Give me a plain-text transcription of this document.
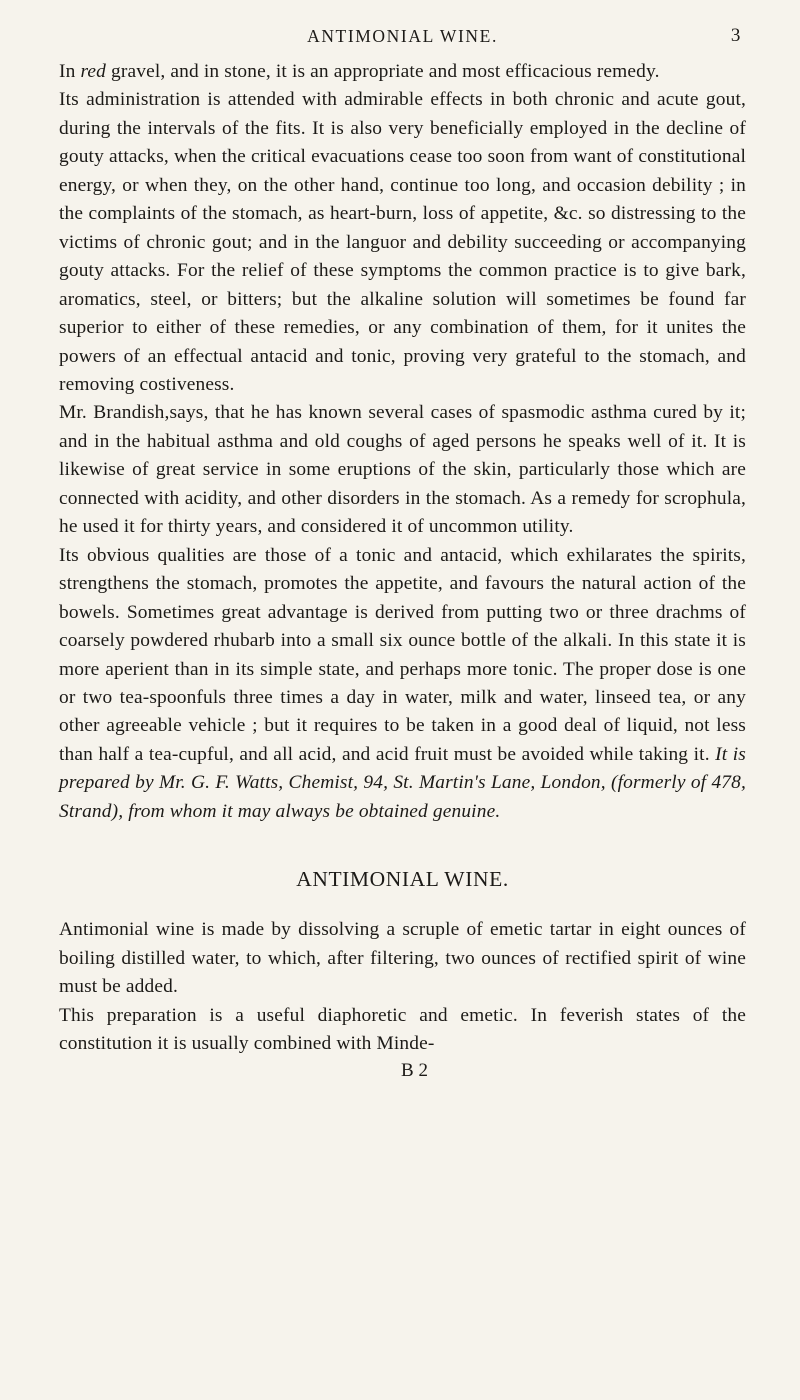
ANTIMONIAL WINE.	3

In red gravel, and in stone, it is an appropriate and most efficacious remedy.

Its administration is attended with admirable effects in both chronic and acute gout, during the intervals of the fits. It is also very beneficially employed in the decline of gouty attacks, when the critical evacuations cease too soon from want of constitutional energy, or when they, on the other hand, continue too long, and occasion debility ; in the complaints of the stomach, as heart-burn, loss of appetite, &c. so distressing to the victims of chronic gout; and in the languor and debility succeeding or accompanying gouty attacks. For the relief of these symptoms the common practice is to give bark, aromatics, steel, or bitters; but the alkaline solution will sometimes be found far superior to either of these remedies, or any combination of them, for it unites the powers of an effectual antacid and tonic, proving very grateful to the stomach, and removing costiveness.

Mr. Brandish,says, that he has known several cases of spasmodic asthma cured by it; and in the habitual asthma and old coughs of aged persons he speaks well of it. It is likewise of great service in some eruptions of the skin, particularly those which are connected with acidity, and other disorders in the stomach. As a remedy for scrophula, he used it for thirty years, and considered it of uncommon utility.

Its obvious qualities are those of a tonic and antacid, which exhilarates the spirits, strengthens the stomach, promotes the appetite, and favours the natural action of the bowels. Sometimes great advantage is derived from putting two or three drachms of coarsely powdered rhubarb into a small six ounce bottle of the alkali. In this state it is more aperient than in its simple state, and perhaps more tonic. The proper dose is one or two tea-spoonfuls three times a day in water, milk and water, linseed tea, or any other agreeable vehicle ; but it requires to be taken in a good deal of liquid, not less than half a tea-cupful, and all acid, and acid fruit must be avoided while taking it. It is prepared by Mr. G. F. Watts, Chemist, 94, St. Martin's Lane, London, (formerly of 478, Strand), from whom it may always be obtained genuine.

ANTIMONIAL WINE.

Antimonial wine is made by dissolving a scruple of emetic tartar in eight ounces of boiling distilled water, to which, after filtering, two ounces of rectified spirit of wine must be added.

This preparation is a useful diaphoretic and emetic. In feverish states of the constitution it is usually combined with Minde-

B 2
